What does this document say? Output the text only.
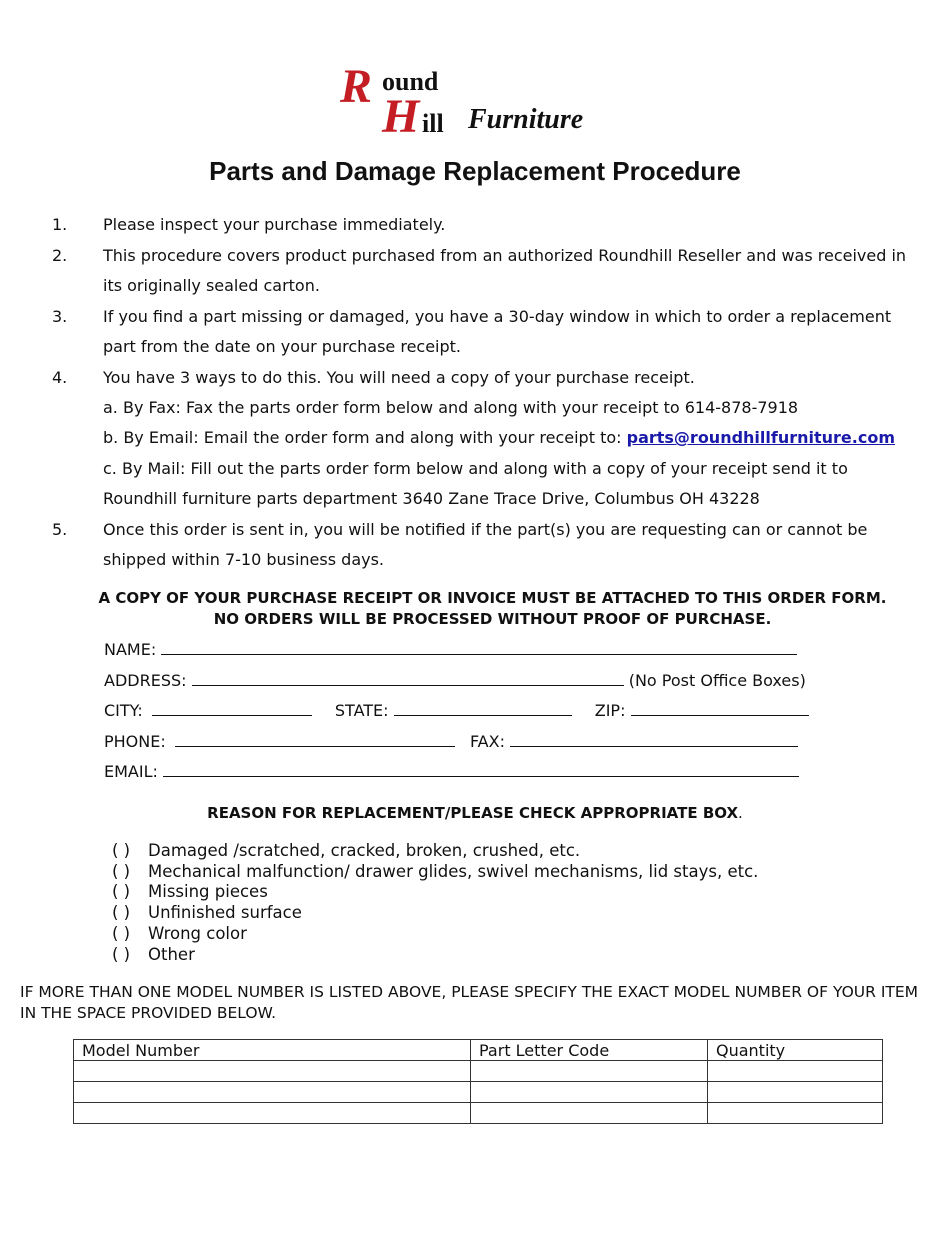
R ound
H ill Furniture
Parts and Damage Replacement Procedure
1. Please inspect your purchase immediately.
2. This procedure covers product purchased from an authorized Roundhill Reseller and was received in
its originally sealed carton.
3. If you find a part missing or damaged, you have a 30-day window in which to order a replacement
part from the date on your purchase receipt.
4. You have 3 ways to do this. You will need a copy of your purchase receipt.
a. By Fax: Fax the parts order form below and along with your receipt to 614-878-7918
b. By Email: Email the order form and along with your receipt to: parts@roundhillfurniture.com
c. By Mail: Fill out the parts order form below and along with a copy of your receipt send it to
Roundhill furniture parts department 3640 Zane Trace Drive, Columbus OH 43228
5. Once this order is sent in, you will be notified if the part(s) you are requesting can or cannot be
shipped within 7-10 business days.
A COPY OF YOUR PURCHASE RECEIPT OR INVOICE MUST BE ATTACHED TO THIS ORDER FORM.
NO ORDERS WILL BE PROCESSED WITHOUT PROOF OF PURCHASE.
NAME:
ADDRESS:	(No Post Office Boxes)
CITY:	STATE:	ZIP:
PHONE:	FAX:
EMAIL:
REASON FOR REPLACEMENT/PLEASE CHECK APPROPRIATE BOX.
( ) Damaged /scratched, cracked, broken, crushed, etc.
( ) Mechanical malfunction/ drawer glides, swivel mechanisms, lid stays, etc.
( ) Missing pieces
( ) Unfinished surface
( ) Wrong color
( ) Other
IF MORE THAN ONE MODEL NUMBER IS LISTED ABOVE, PLEASE SPECIFY THE EXACT MODEL NUMBER OF YOUR ITEM
IN THE SPACE PROVIDED BELOW.
Model Number	Part Letter Code	Quantity
